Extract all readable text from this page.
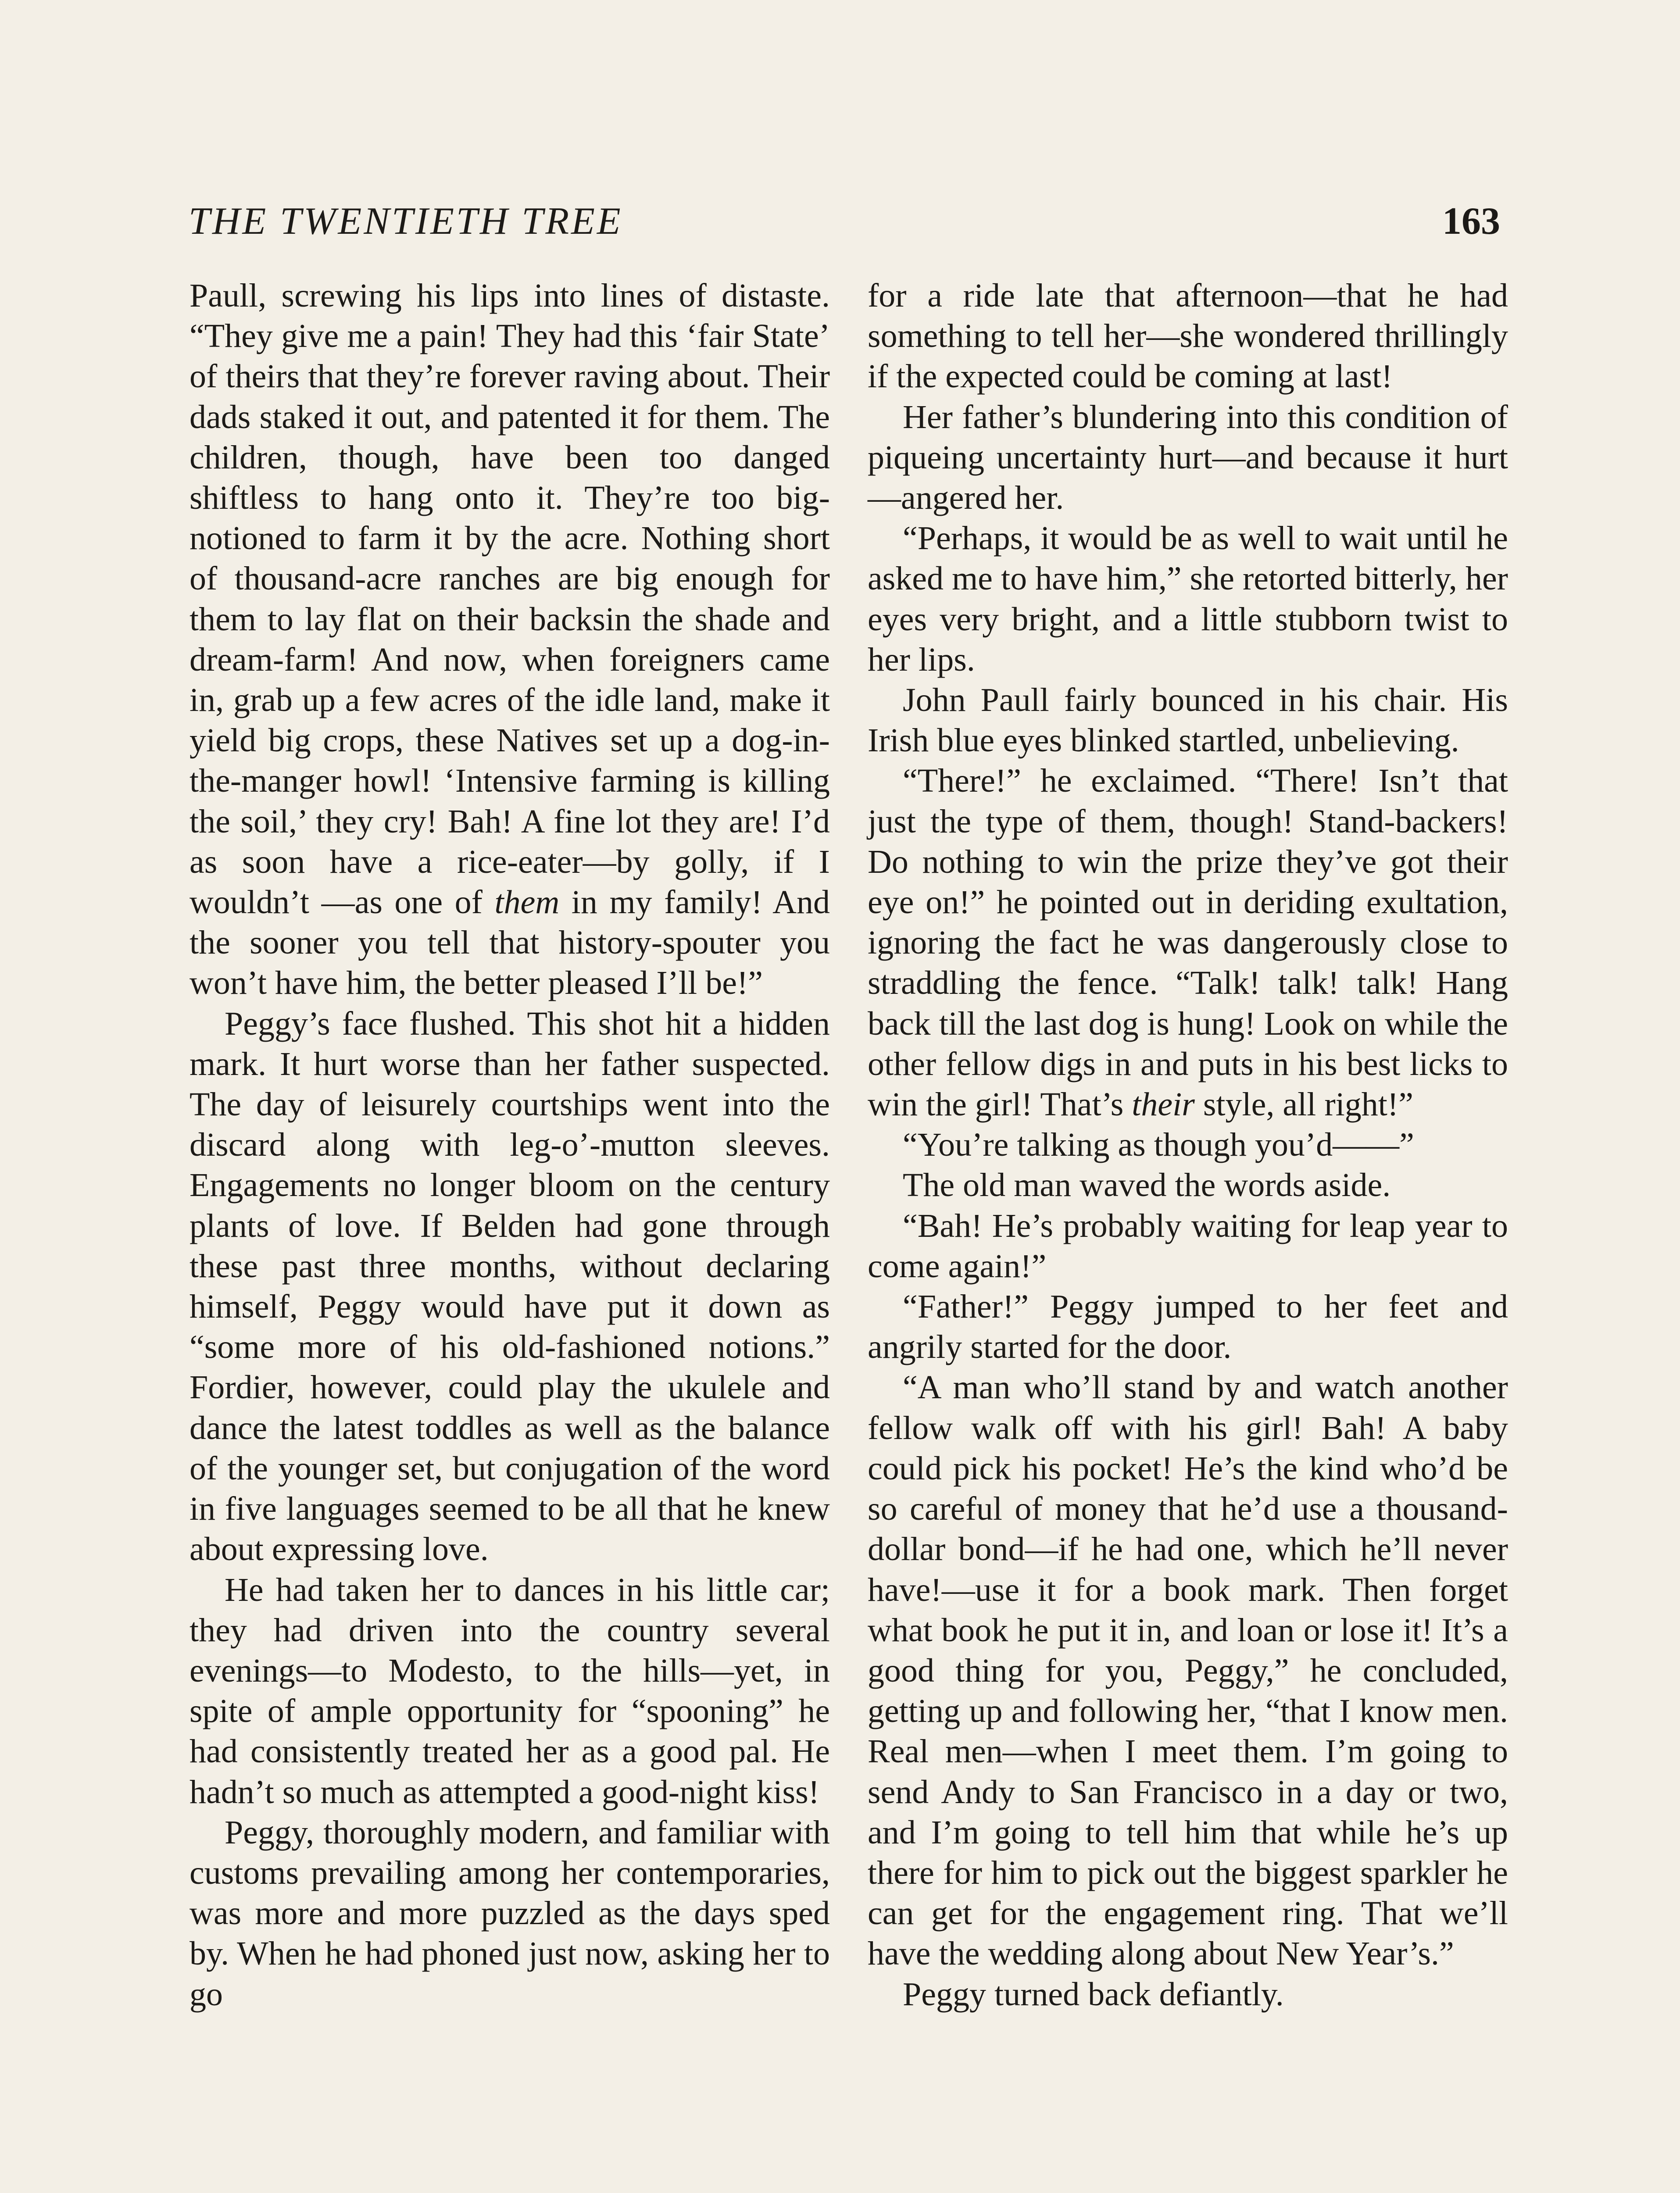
THE TWENTIETH TREE	163

Paull, screwing his lips into lines of distaste. “They give me a pain! They had this ‘fair State’ of theirs that they’re forever raving about. Their dads staked it out, and patented it for them. The children, though, have been too danged shiftless to hang onto it. They’re too big-notioned to farm it by the acre. Nothing short of thousand-acre ranches are big enough for them to lay flat on their backsin the shade and dream-farm! And now, when foreigners came in, grab up a few acres of the idle land, make it yield big crops, these Natives set up a dog-in-the-manger howl! ‘Intensive farming is killing the soil,’ they cry! Bah! A fine lot they are! I’d as soon have a rice-eater—by golly, if I wouldn’t —as one of them in my family! And the sooner you tell that history-spouter you won’t have him, the better pleased I’ll be!”

Peggy’s face flushed. This shot hit a hidden mark. It hurt worse than her father suspected. The day of leisurely courtships went into the discard along with leg-o’-mutton sleeves. Engagements no longer bloom on the century plants of love. If Belden had gone through these past three months, without declaring himself, Peggy would have put it down as “some more of his old-fashioned notions.” Fordier, however, could play the ukulele and dance the latest toddles as well as the balance of the younger set, but conjugation of the word in five languages seemed to be all that he knew about expressing love.

He had taken her to dances in his little car; they had driven into the country several evenings—to Modesto, to the hills—yet, in spite of ample opportunity for “spooning” he had consistently treated her as a good pal. He hadn’t so much as attempted a good-night kiss!

Peggy, thoroughly modern, and familiar with customs prevailing among her contemporaries, was more and more puzzled as the days sped by. When he had phoned just now, asking her to go

for a ride late that afternoon—that he had something to tell her—she wondered thrillingly if the expected could be coming at last!

Her father’s blundering into this condition of piqueing uncertainty hurt—and because it hurt—angered her.

“Perhaps, it would be as well to wait until he asked me to have him,” she retorted bitterly, her eyes very bright, and a little stubborn twist to her lips.

John Paull fairly bounced in his chair. His Irish blue eyes blinked startled, unbelieving.

“There!” he exclaimed. “There! Isn’t that just the type of them, though! Stand-backers! Do nothing to win the prize they’ve got their eye on!” he pointed out in deriding exultation, ignoring the fact he was dangerously close to straddling the fence. “Talk! talk! talk! Hang back till the last dog is hung! Look on while the other fellow digs in and puts in his best licks to win the girl! That’s their style, all right!”

“You’re talking as though you’d——”

The old man waved the words aside.

“Bah! He’s probably waiting for leap year to come again!”

“Father!” Peggy jumped to her feet and angrily started for the door.

“A man who’ll stand by and watch another fellow walk off with his girl! Bah! A baby could pick his pocket! He’s the kind who’d be so careful of money that he’d use a thousand-dollar bond—if he had one, which he’ll never have!—use it for a book mark. Then forget what book he put it in, and loan or lose it! It’s a good thing for you, Peggy,” he concluded, getting up and following her, “that I know men. Real men—when I meet them. I’m going to send Andy to San Francisco in a day or two, and I’m going to tell him that while he’s up there for him to pick out the biggest sparkler he can get for the engagement ring. That we’ll have the wedding along about New Year’s.”

Peggy turned back defiantly.
